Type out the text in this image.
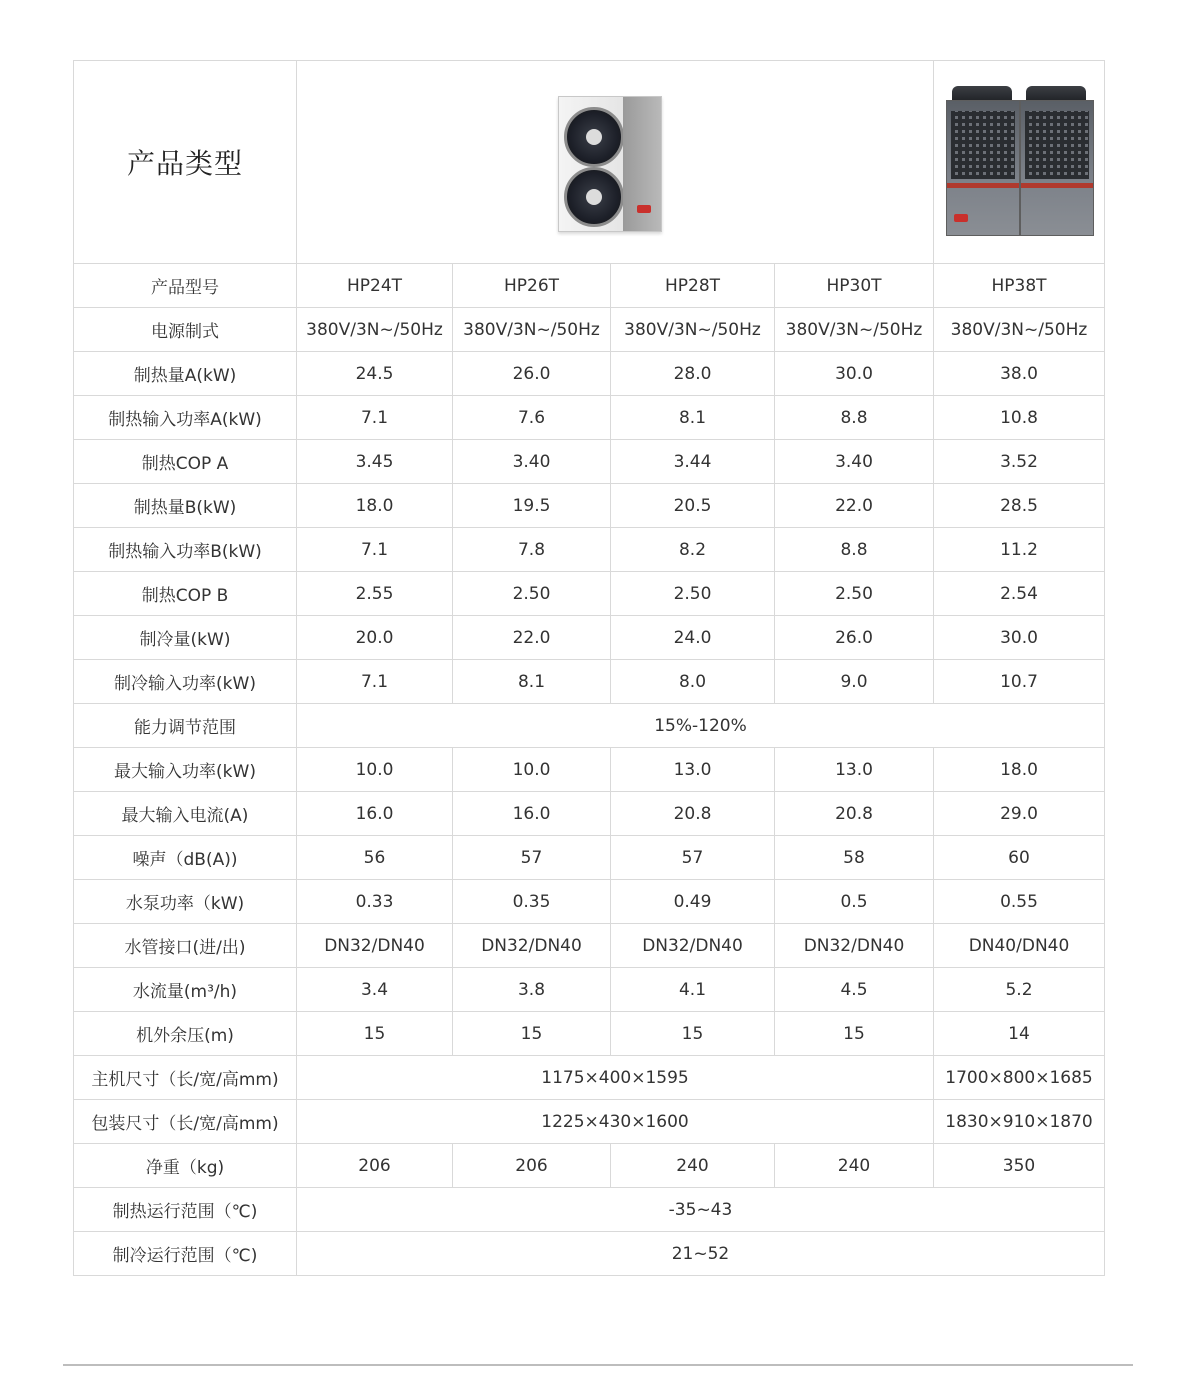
产品类型				

产品型号	HP24T	HP26T	HP28T	HP30T	HP38T
电源制式	380V/3N~/50Hz	380V/3N~/50Hz	380V/3N~/50Hz	380V/3N~/50Hz	380V/3N~/50Hz
制热量A(kW)	24.5	26.0	28.0	30.0	38.0
制热输入功率A(kW)	7.1	7.6	8.1	8.8	10.8
制热COP A	3.45	3.40	3.44	3.40	3.52
制热量B(kW)	18.0	19.5	20.5	22.0	28.5
制热输入功率B(kW)	7.1	7.8	8.2	8.8	11.2
制热COP B	2.55	2.50	2.50	2.50	2.54
制冷量(kW)	20.0	22.0	24.0	26.0	30.0
制冷输入功率(kW)	7.1	8.1	8.0	9.0	10.7
能力调节范围	15%-120%				
最大输入功率(kW)	10.0	10.0	13.0	13.0	18.0
最大输入电流(A)	16.0	16.0	20.8	20.8	29.0
噪声（dB(A))	56	57	57	58	60
水泵功率（kW)	0.33	0.35	0.49	0.5	0.55
水管接口(进/出)	DN32/DN40	DN32/DN40	DN32/DN40	DN32/DN40	DN40/DN40
水流量(m³/h)	3.4	3.8	4.1	4.5	5.2
机外余压(m)	15	15	15	15	14
主机尺寸（长/宽/高mm)	1175×400×1595				1700×800×1685
包装尺寸（长/宽/高mm)	1225×430×1600				1830×910×1870
净重（kg)	206	206	240	240	350
制热运行范围（℃)	-35~43				
制冷运行范围（℃)	21~52				
